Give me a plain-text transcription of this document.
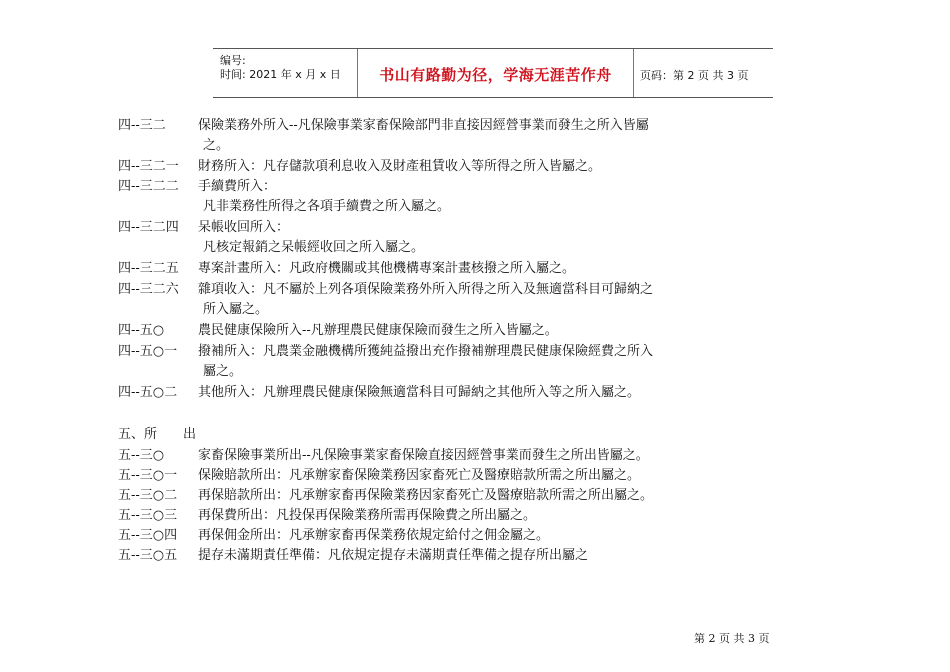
编号:
时间: 2021 年 x 月 x 日	书山有路勤为径，学海无涯苦作舟	页码：第 2 页 共 3 页
四--三二 保險業務外所入--凡保險事業家畜保險部門非直接因經營事業而發生之所入皆屬
之。
四--三二一 財務所入：凡存儲款項利息收入及財產租賃收入等所得之所入皆屬之。
四--三二二 手續費所入：
凡非業務性所得之各項手續費之所入屬之。
四--三二四 呆帳收回所入：
凡核定報銷之呆帳經收回之所入屬之。
四--三二五 專案計畫所入：凡政府機關或其他機構專案計畫核撥之所入屬之。
四--三二六 雜項收入：凡不屬於上列各項保險業務外所入所得之所入及無適當科目可歸納之
所入屬之。
四--五○	農民健康保險所入--凡辦理農民健康保險而發生之所入皆屬之。
四--五○一 撥補所入：凡農業金融機構所獲純益撥出充作撥補辦理農民健康保險經費之所入
屬之。
四--五○二 其他所入：凡辦理農民健康保險無適當科目可歸納之其他所入等之所入屬之。
五、所　　出
五--三○	家畜保險事業所出--凡保險事業家畜保險直接因經營事業而發生之所出皆屬之。
五--三○一 保險賠款所出：凡承辦家畜保險業務因家畜死亡及醫療賠款所需之所出屬之。
五--三○二 再保賠款所出：凡承辦家畜再保險業務因家畜死亡及醫療賠款所需之所出屬之。
五--三○三 再保費所出：凡投保再保險業務所需再保險費之所出屬之。
五--三○四 再保佣金所出：凡承辦家畜再保業務依規定給付之佣金屬之。
五--三○五 提存未滿期責任準備：凡依規定提存未滿期責任準備之提存所出屬之
第 2 页 共 3 页
